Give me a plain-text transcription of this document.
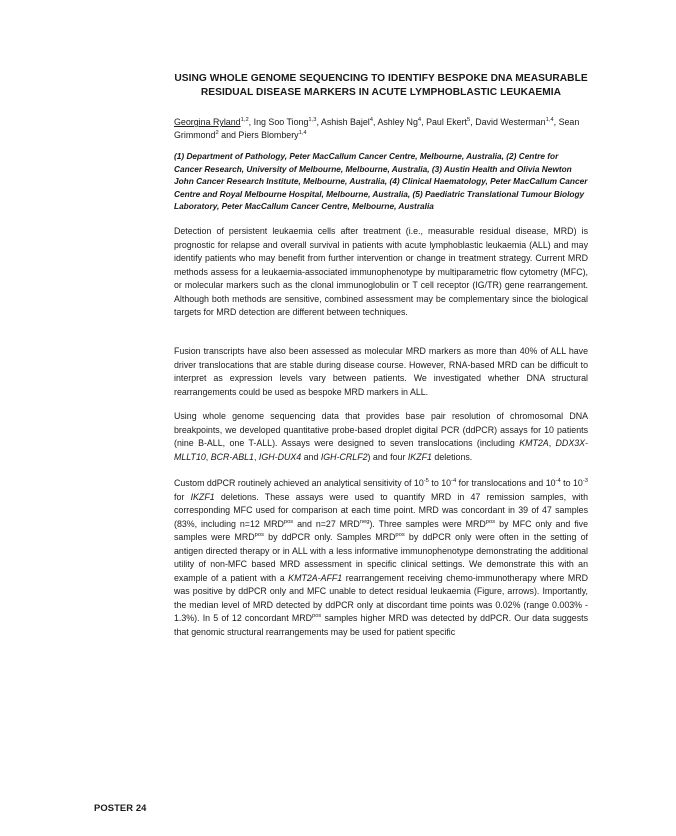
USING WHOLE GENOME SEQUENCING TO IDENTIFY BESPOKE DNA MEASURABLE RESIDUAL DISEASE MARKERS IN ACUTE LYMPHOBLASTIC LEUKAEMIA
Georgina Ryland$^{1,2}$, Ing Soo Tiong$^{1,3}$, Ashish Bajel$^4$, Ashley Ng$^4$, Paul Ekert$^5$, David Westerman$^{1,4}$, Sean Grimmond$^2$ and Piers Blombery$^{1,4}$
(1) Department of Pathology, Peter MacCallum Cancer Centre, Melbourne, Australia, (2) Centre for Cancer Research, University of Melbourne, Melbourne, Australia, (3) Austin Health and Olivia Newton John Cancer Research Institute, Melbourne, Australia, (4) Clinical Haematology, Peter MacCallum Cancer Centre and Royal Melbourne Hospital, Melbourne, Australia, (5) Paediatric Translational Tumour Biology Laboratory, Peter MacCallum Cancer Centre, Melbourne, Australia
Detection of persistent leukaemia cells after treatment (i.e., measurable residual disease, MRD) is prognostic for relapse and overall survival in patients with acute lymphoblastic leukaemia (ALL) and may identify patients who may benefit from further intervention or change in treatment strategy. Current MRD methods assess for a leukaemia-associated immunophenotype by multiparametric flow cytometry (MFC), or molecular markers such as the clonal immunoglobulin or T cell receptor (IG/TR) gene rearrangement. Although both methods are sensitive, combined assessment may be complementary since the biological targets for MRD detection are different between techniques.
Fusion transcripts have also been assessed as molecular MRD markers as more than 40% of ALL have driver translocations that are stable during disease course. However, RNA-based MRD can be difficult to interpret as expression levels vary between patients. We investigated whether DNA structural rearrangements could be used as bespoke MRD markers in ALL.
Using whole genome sequencing data that provides base pair resolution of chromosomal DNA breakpoints, we developed quantitative probe-based droplet digital PCR (ddPCR) assays for 10 patients (nine B-ALL, one T-ALL). Assays were designed to seven translocations (including KMT2A, DDX3X-MLLT10, BCR-ABL1, IGH-DUX4 and IGH-CRLF2) and four IKZF1 deletions.
Custom ddPCR routinely achieved an analytical sensitivity of $10^{-5}$ to $10^{-4}$ for translocations and $10^{-4}$ to $10^{-3}$ for IKZF1 deletions. These assays were used to quantify MRD in 47 remission samples, with corresponding MFC used for comparison at each time point. MRD was concordant in 39 of 47 samples (83%, including n=12 $MRD^{pos}$ and n=27 $MRD^{neg}$). Three samples were $MRD^{pos}$ by MFC only and five samples were $MRD^{pos}$ by ddPCR only. Samples $MRD^{pos}$ by ddPCR only were often in the setting of antigen directed therapy or in ALL with a less informative immunophenotype demonstrating the additional utility of non-MFC based MRD assessment in specific clinical settings. We demonstrate this with an example of a patient with a KMT2A-AFF1 rearrangement receiving chemo-immunotherapy where MRD was positive by ddPCR only and MFC unable to detect residual leukaemia (Figure, arrows). Importantly, the median level of MRD detected by ddPCR only at discordant time points was 0.02% (range 0.003% - 1.3%). In 5 of 12 concordant $MRD^{pos}$ samples higher MRD was detected by ddPCR. Our data suggests that genomic structural rearrangements may be used for patient specific
POSTER 24
